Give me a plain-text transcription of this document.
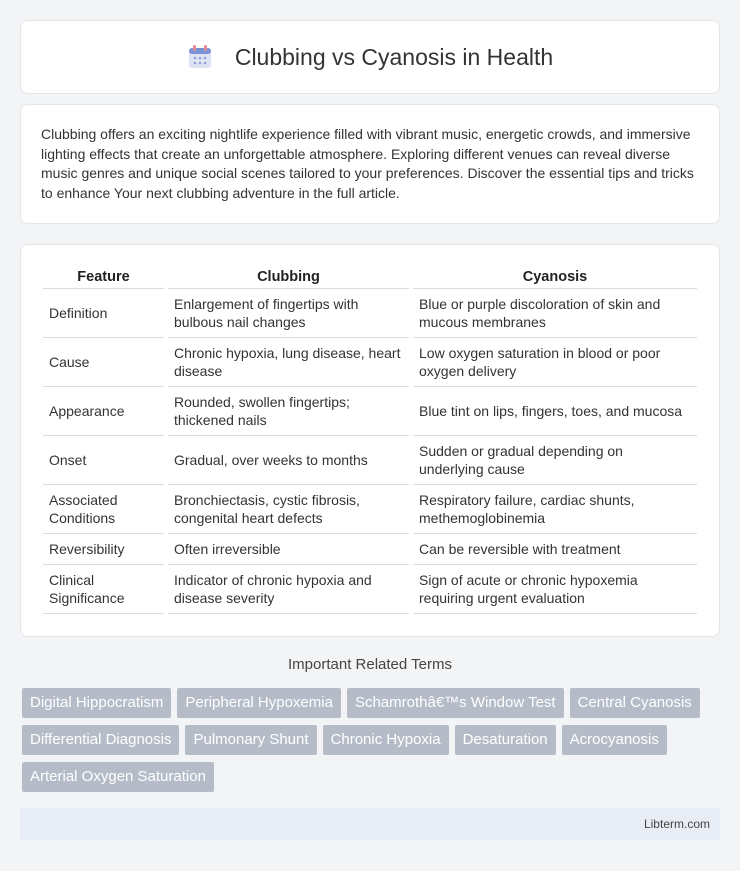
Clubbing vs Cyanosis in Health

Clubbing offers an exciting nightlife experience filled with vibrant music, energetic crowds, and immersive lighting effects that create an unforgettable atmosphere. Exploring different venues can reveal diverse music genres and unique social scenes tailored to your preferences. Discover the essential tips and tricks to enhance Your next clubbing adventure in the full article.

Feature	Clubbing	Cyanosis
Definition	Enlargement of fingertips with bulbous nail changes	Blue or purple discoloration of skin and mucous membranes
Cause	Chronic hypoxia, lung disease, heart disease	Low oxygen saturation in blood or poor oxygen delivery
Appearance	Rounded, swollen fingertips; thickened nails	Blue tint on lips, fingers, toes, and mucosa
Onset	Gradual, over weeks to months	Sudden or gradual depending on underlying cause
Associated Conditions	Bronchiectasis, cystic fibrosis, congenital heart defects	Respiratory failure, cardiac shunts, methemoglobinemia
Reversibility	Often irreversible	Can be reversible with treatment
Clinical Significance	Indicator of chronic hypoxia and disease severity	Sign of acute or chronic hypoxemia requiring urgent evaluation
Important Related Terms
Digital Hippocratism	Peripheral Hypoxemia	Schamrothâ€™s Window Test	Central Cyanosis
Differential Diagnosis	Pulmonary Shunt	Chronic Hypoxia	Desaturation	Acrocyanosis
Arterial Oxygen Saturation
Libterm.com
